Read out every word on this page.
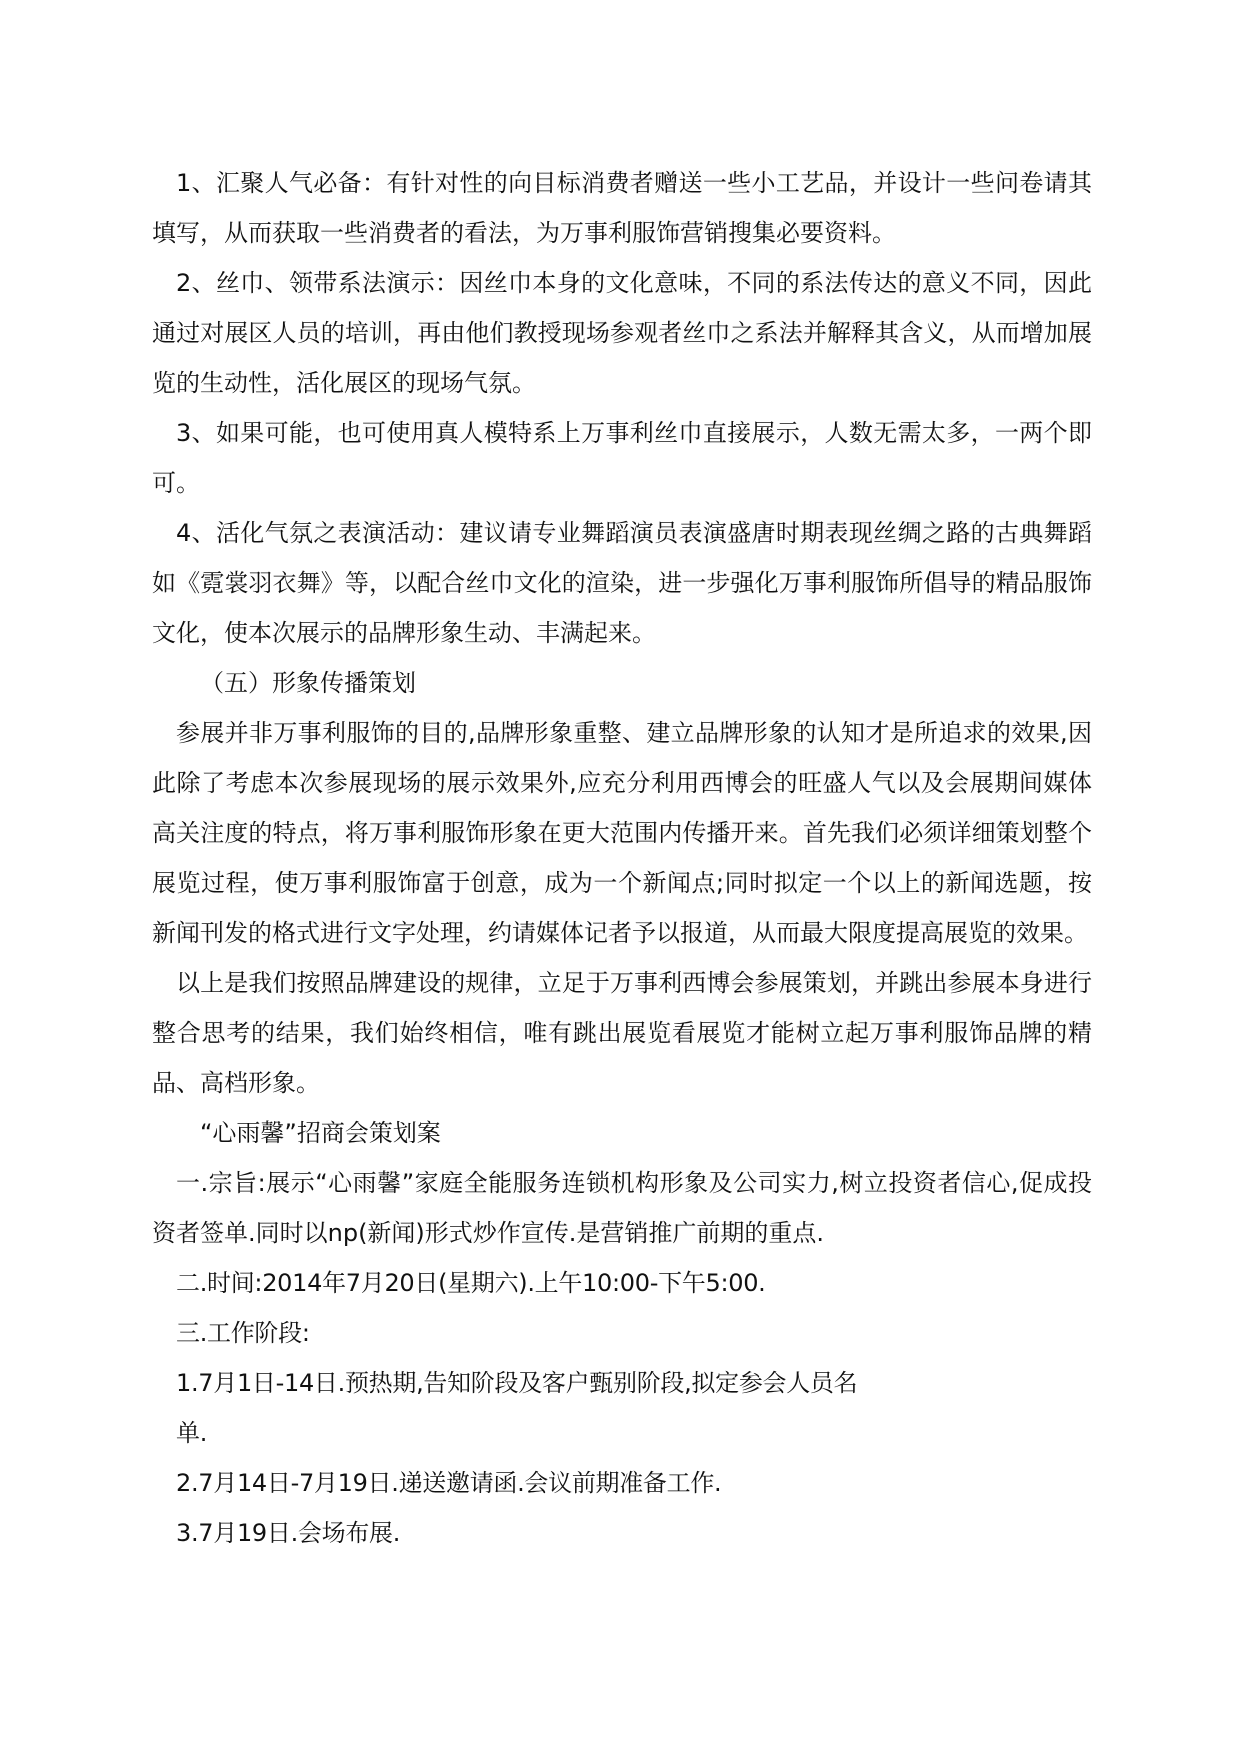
1、汇聚人气必备：有针对性的向目标消费者赠送一些小工艺品，并设计一些问卷请其填写，从而获取一些消费者的看法，为万事利服饰营销搜集必要资料。

2、丝巾、领带系法演示：因丝巾本身的文化意味，不同的系法传达的意义不同，因此通过对展区人员的培训，再由他们教授现场参观者丝巾之系法并解释其含义，从而增加展览的生动性，活化展区的现场气氛。

3、如果可能，也可使用真人模特系上万事利丝巾直接展示，人数无需太多，一两个即可。

4、活化气氛之表演活动：建议请专业舞蹈演员表演盛唐时期表现丝绸之路的古典舞蹈如《霓裳羽衣舞》等，以配合丝巾文化的渲染，进一步强化万事利服饰所倡导的精品服饰文化，使本次展示的品牌形象生动、丰满起来。

（五）形象传播策划

参展并非万事利服饰的目的,品牌形象重整、建立品牌形象的认知才是所追求的效果,因此除了考虑本次参展现场的展示效果外,应充分利用西博会的旺盛人气以及会展期间媒体高关注度的特点，将万事利服饰形象在更大范围内传播开来。首先我们必须详细策划整个展览过程，使万事利服饰富于创意，成为一个新闻点;同时拟定一个以上的新闻选题，按新闻刊发的格式进行文字处理，约请媒体记者予以报道，从而最大限度提高展览的效果。

以上是我们按照品牌建设的规律，立足于万事利西博会参展策划，并跳出参展本身进行整合思考的结果，我们始终相信，唯有跳出展览看展览才能树立起万事利服饰品牌的精品、高档形象。

“心雨馨”招商会策划案

一.宗旨:展示“心雨馨”家庭全能服务连锁机构形象及公司实力,树立投资者信心,促成投资者签单.同时以np(新闻)形式炒作宣传.是营销推广前期的重点.

二.时间:2014年7月20日(星期六).上午10:00-下午5:00.

三.工作阶段:

1.7月1日-14日.预热期,告知阶段及客户甄别阶段,拟定参会人员名

单.

2.7月14日-7月19日.递送邀请函.会议前期准备工作.

3.7月19日.会场布展.
